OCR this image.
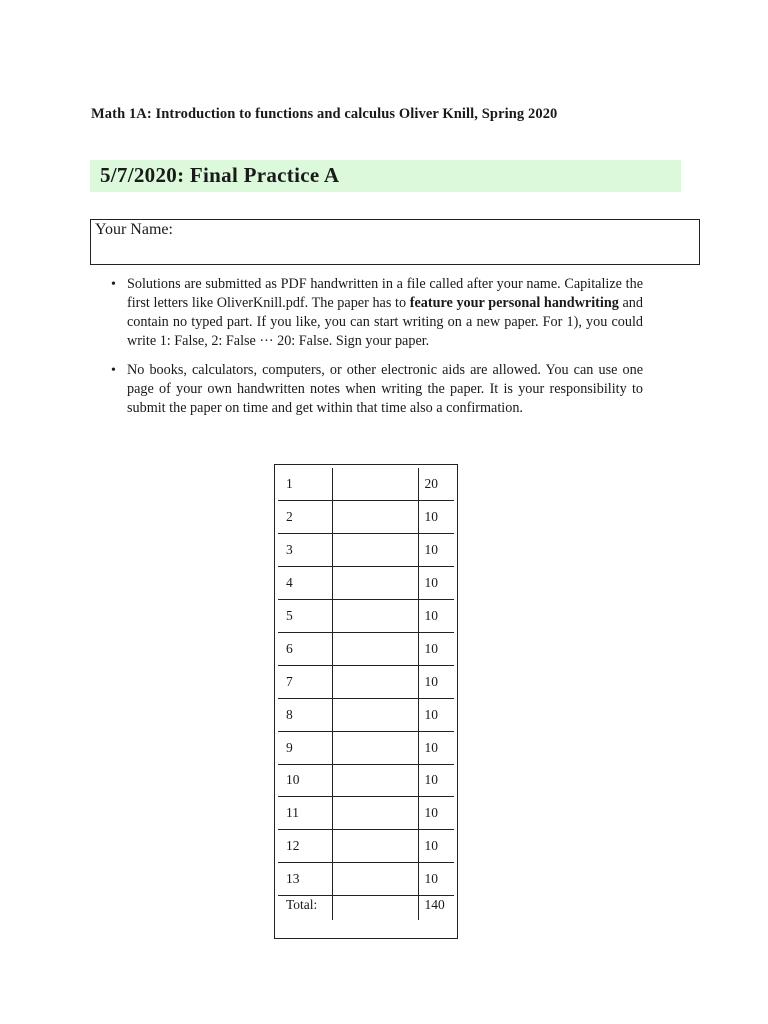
Math 1A: Introduction to functions and calculus Oliver Knill, Spring 2020
5/7/2020: Final Practice A
Your Name:
• Solutions are submitted as PDF handwritten in a file called after your name. Capitalize the first letters like OliverKnill.pdf. The paper has to feature your personal handwriting and contain no typed part. If you like, you can start writing on a new paper. For 1), you could write 1: False, 2: False ··· 20: False. Sign your paper.
• No books, calculators, computers, or other electronic aids are allowed. You can use one page of your own handwritten notes when writing the paper. It is your responsibility to submit the paper on time and get within that time also a confirmation.
1		20
2		10
3		10
4		10
5		10
6		10
7		10
8		10
9		10
10		10
11		10
12		10
13		10
Total:		140
